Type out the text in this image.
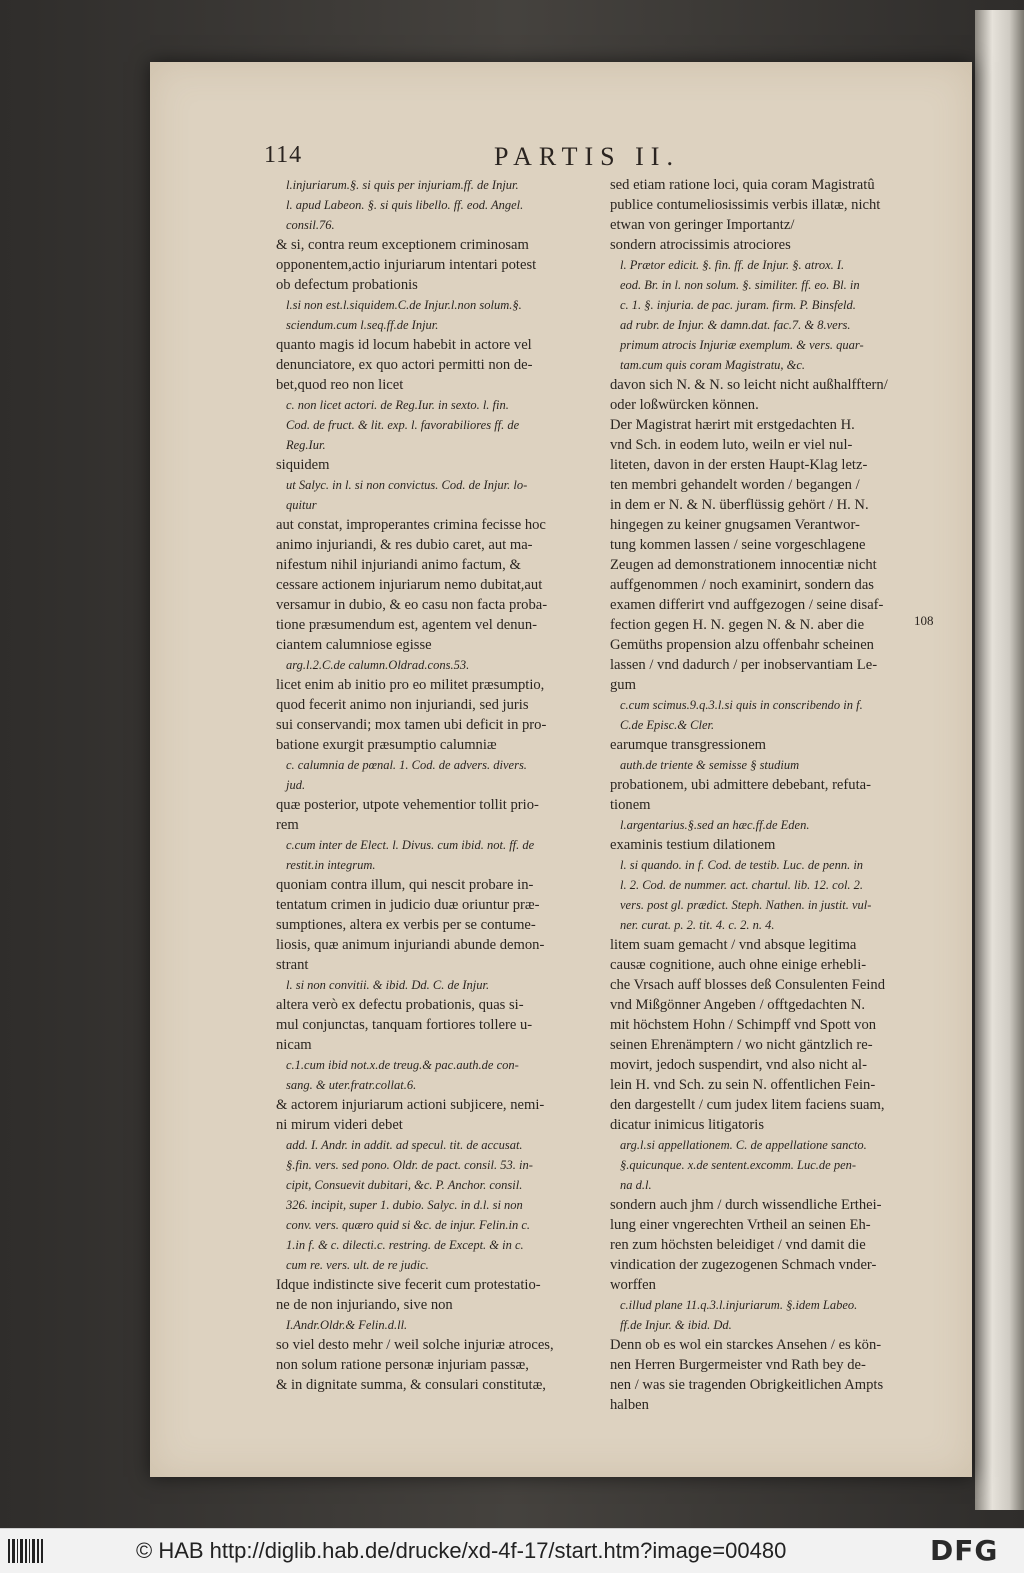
114	PARTIS II.
l.injuriarum.§. si quis per injuriam.ff. de Injur.
l. apud Labeon. §. si quis libello. ff. eod. Angel.
consil.76.
& si, contra reum exceptionem criminosam
opponentem,actio injuriarum intentari potest
ob defectum probationis
l.si non est.l.siquidem.C.de Injur.l.non solum.§.
sciendum.cum l.seq.ff.de Injur.
quanto magis id locum habebit in actore vel
denunciatore, ex quo actori permitti non de-
bet,quod reo non licet
c. non licet actori. de Reg.Iur. in sexto. l. fin.
Cod. de fruct. & lit. exp. l. favorabiliores ff. de
Reg.Iur.
siquidem
ut Salyc. in l. si non convictus. Cod. de Injur. lo-
quitur
aut constat, improperantes crimina fecisse hoc
animo injuriandi, & res dubio caret, aut ma-
nifestum nihil injuriandi animo factum, &
cessare actionem injuriarum nemo dubitat,aut
versamur in dubio, & eo casu non facta proba-
tione præsumendum est, agentem vel denun-
ciantem calumniose egisse
arg.l.2.C.de calumn.Oldrad.cons.53.
licet enim ab initio pro eo militet præsumptio,
quod fecerit animo non injuriandi, sed juris
sui conservandi; mox tamen ubi deficit in pro-
batione exurgit præsumptio calumniæ
c. calumnia de pœnal. 1. Cod. de advers. divers.
jud.
quæ posterior, utpote vehementior tollit prio-
rem
c.cum inter de Elect. l. Divus. cum ibid. not. ff. de
restit.in integrum.
quoniam contra illum, qui nescit probare in-
tentatum crimen in judicio duæ oriuntur præ-
sumptiones, altera ex verbis per se contume-
liosis, quæ animum injuriandi abunde demon-
strant
l. si non convitii. & ibid. Dd. C. de Injur.
altera verò ex defectu probationis, quas si-
mul conjunctas, tanquam fortiores tollere u-
nicam
c.1.cum ibid not.x.de treug.& pac.auth.de con-
sang. & uter.fratr.collat.6.
& actorem injuriarum actioni subjicere, nemi-
ni mirum videri debet
add. I. Andr. in addit. ad specul. tit. de accusat.
§.fin. vers. sed pono. Oldr. de pact. consil. 53. in-
cipit, Consuevit dubitari, &c. P. Anchor. consil.
326. incipit, super 1. dubio. Salyc. in d.l. si non
conv. vers. quæro quid si &c. de injur. Felin.in c.
1.in f. & c. dilecti.c. restring. de Except. & in c.
cum re. vers. ult. de re judic.
Idque indistincte sive fecerit cum protestatio-
ne de non injuriando, sive non
I.Andr.Oldr.& Felin.d.ll.
so viel desto mehr / weil solche injuriæ atroces,
non solum ratione personæ injuriam passæ,
& in dignitate summa, & consulari constitutæ,
sed etiam ratione loci, quia coram Magistratû
publice contumeliosissimis verbis illatæ, nicht
etwan von geringer Importantz/
sondern atrocissimis atrociores
l. Prætor edicit. §. fin. ff. de Injur. §. atrox. I.
eod. Br. in l. non solum. §. similiter. ff. eo. Bl. in
c. 1. §. injuria. de pac. juram. firm. P. Binsfeld.
ad rubr. de Injur. & damn.dat. fac.7. & 8.vers.
primum atrocis Injuriæ exemplum. & vers. quar-
tam.cum quis coram Magistratu, &c.
davon sich N. & N. so leicht nicht außhalfftern/
oder loßwürcken können.
Der Magistrat hærirt mit erstgedachten H.
vnd Sch. in eodem luto, weiln er viel nul-
liteten, davon in der ersten Haupt-Klag letz-
ten membri gehandelt worden / begangen /
in dem er N. & N. überflüssig gehört / H. N.
hingegen zu keiner gnugsamen Verantwor-
tung kommen lassen / seine vorgeschlagene
Zeugen ad demonstrationem innocentiæ nicht
auffgenommen / noch examinirt, sondern das
examen differirt vnd auffgezogen / seine disaf-
fection gegen H. N. gegen N. & N. aber die
Gemüths propension alzu offenbahr scheinen
lassen / vnd dadurch / per inobservantiam Le-
gum
c.cum scimus.9.q.3.l.si quis in conscribendo in f.
C.de Episc.& Cler.
earumque transgressionem
auth.de triente & semisse § studium
probationem, ubi admittere debebant, refuta-
tionem
l.argentarius.§.sed an hæc.ff.de Eden.
examinis testium dilationem
l. si quando. in f. Cod. de testib. Luc. de penn. in
l. 2. Cod. de nummer. act. chartul. lib. 12. col. 2.
vers. post gl. prædict. Steph. Nathen. in justit. vul-
ner. curat. p. 2. tit. 4. c. 2. n. 4.
litem suam gemacht / vnd absque legitima
causæ cognitione, auch ohne einige erhebli-
che Vrsach auff blosses deß Consulenten Feind
vnd Mißgönner Angeben / offtgedachten N.
mit höchstem Hohn / Schimpff vnd Spott von
seinen Ehrenämptern / wo nicht gäntzlich re-
movirt, jedoch suspendirt, vnd also nicht al-
lein H. vnd Sch. zu sein N. offentlichen Fein-
den dargestellt / cum judex litem faciens suam,
dicatur inimicus litigatoris
arg.l.si appellationem. C. de appellatione sancto.
§.quicunque. x.de sentent.excomm. Luc.de pen-
na d.l.
sondern auch jhm / durch wissendliche Erthei-
lung einer vngerechten Vrtheil an seinen Eh-
ren zum höchsten beleidiget / vnd damit die
vindication der zugezogenen Schmach vnder-
worffen
c.illud plane 11.q.3.l.injuriarum. §.idem Labeo.
ff.de Injur. & ibid. Dd.
Denn ob es wol ein starckes Ansehen / es kön-
nen Herren Burgermeister vnd Rath bey de-
nen / was sie tragenden Obrigkeitlichen Ampts
halben
108
© HAB http://diglib.hab.de/drucke/xd-4f-17/start.htm?image=00480	DFG
